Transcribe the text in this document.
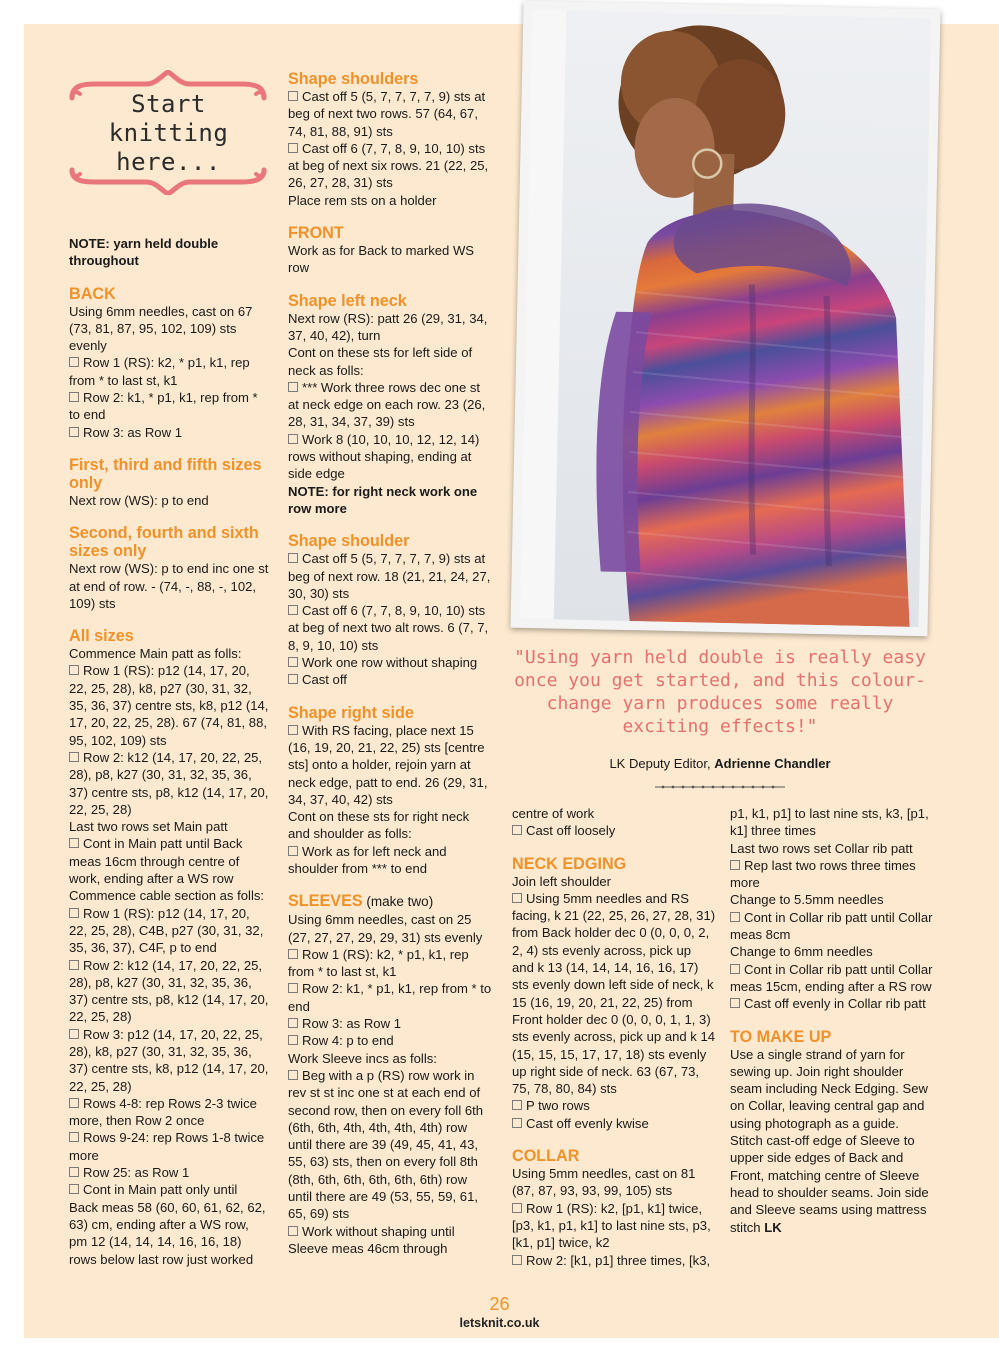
Start
knitting
here...
NOTE: yarn held double throughout
BACK
Using 6mm needles, cast on 67 (73, 81, 87, 95, 102, 109) sts evenly
Row 1 (RS): k2, * p1, k1, rep from * to last st, k1
Row 2: k1, * p1, k1, rep from * to end
Row 3: as Row 1
First, third and fifth sizes only
Next row (WS): p to end
Second, fourth and sixth sizes only
Next row (WS): p to end inc one st at end of row. - (74, -, 88, -, 102, 109) sts
All sizes
Commence Main patt as folls:
Row 1 (RS): p12 (14, 17, 20, 22, 25, 28), k8, p27 (30, 31, 32, 35, 36, 37) centre sts, k8, p12 (14, 17, 20, 22, 25, 28). 67 (74, 81, 88, 95, 102, 109) sts
Row 2: k12 (14, 17, 20, 22, 25, 28), p8, k27 (30, 31, 32, 35, 36, 37) centre sts, p8, k12 (14, 17, 20, 22, 25, 28)
Last two rows set Main patt
Cont in Main patt until Back meas 16cm through centre of work, ending after a WS row
Commence cable section as folls:
Row 1 (RS): p12 (14, 17, 20, 22, 25, 28), C4B, p27 (30, 31, 32, 35, 36, 37), C4F, p to end
Row 2: k12 (14, 17, 20, 22, 25, 28), p8, k27 (30, 31, 32, 35, 36, 37) centre sts, p8, k12 (14, 17, 20, 22, 25, 28)
Row 3: p12 (14, 17, 20, 22, 25, 28), k8, p27 (30, 31, 32, 35, 36, 37) centre sts, k8, p12 (14, 17, 20, 22, 25, 28)
Rows 4-8: rep Rows 2-3 twice more, then Row 2 once
Rows 9-24: rep Rows 1-8 twice more
Row 25: as Row 1
Cont in Main patt only until Back meas 58 (60, 60, 61, 62, 62, 63) cm, ending after a WS row, pm 12 (14, 14, 14, 16, 16, 18) rows below last row just worked
Shape shoulders
Cast off 5 (5, 7, 7, 7, 7, 9) sts at beg of next two rows. 57 (64, 67, 74, 81, 88, 91) sts
Cast off 6 (7, 7, 8, 9, 10, 10) sts at beg of next six rows. 21 (22, 25, 26, 27, 28, 31) sts
Place rem sts on a holder
FRONT
Work as for Back to marked WS row
Shape left neck
Next row (RS): patt 26 (29, 31, 34, 37, 40, 42), turn
Cont on these sts for left side of neck as folls:
*** Work three rows dec one st at neck edge on each row. 23 (26, 28, 31, 34, 37, 39) sts
Work 8 (10, 10, 10, 12, 12, 14) rows without shaping, ending at side edge
NOTE: for right neck work one row more
Shape shoulder
Cast off 5 (5, 7, 7, 7, 7, 9) sts at beg of next row. 18 (21, 21, 24, 27, 30, 30) sts
Cast off 6 (7, 7, 8, 9, 10, 10) sts at beg of next two alt rows. 6 (7, 7, 8, 9, 10, 10) sts
Work one row without shaping
Cast off
Shape right side
With RS facing, place next 15 (16, 19, 20, 21, 22, 25) sts [centre sts] onto a holder, rejoin yarn at neck edge, patt to end. 26 (29, 31, 34, 37, 40, 42) sts
Cont on these sts for right neck and shoulder as folls:
Work as for left neck and shoulder from *** to end
SLEEVES (make two)
Using 6mm needles, cast on 25 (27, 27, 27, 29, 29, 31) sts evenly
Row 1 (RS): k2, * p1, k1, rep from * to last st, k1
Row 2: k1, * p1, k1, rep from * to end
Row 3: as Row 1
Row 4: p to end
Work Sleeve incs as folls:
Beg with a p (RS) row work in rev st st inc one st at each end of second row, then on every foll 6th (6th, 6th, 4th, 4th, 4th, 4th) row until there are 39 (49, 45, 41, 43, 55, 63) sts, then on every foll 8th (8th, 6th, 6th, 6th, 6th, 6th) row until there are 49 (53, 55, 59, 61, 65, 69) sts
Work without shaping until Sleeve meas 46cm through
centre of work
Cast off loosely
NECK EDGING
Join left shoulder
Using 5mm needles and RS facing, k 21 (22, 25, 26, 27, 28, 31) from Back holder dec 0 (0, 0, 0, 2, 2, 4) sts evenly across, pick up and k 13 (14, 14, 14, 16, 16, 17) sts evenly down left side of neck, k 15 (16, 19, 20, 21, 22, 25) from Front holder dec 0 (0, 0, 0, 1, 1, 3) sts evenly across, pick up and k 14 (15, 15, 15, 17, 17, 18) sts evenly up right side of neck. 63 (67, 73, 75, 78, 80, 84) sts
P two rows
Cast off evenly kwise
COLLAR
Using 5mm needles, cast on 81 (87, 87, 93, 93, 99, 105) sts
Row 1 (RS): k2, [p1, k1] twice, [p3, k1, p1, k1] to last nine sts, p3, [k1, p1] twice, k2
Row 2: [k1, p1] three times, [k3,
p1, k1, p1] to last nine sts, k3, [p1, k1] three times
Last two rows set Collar rib patt
Rep last two rows three times more
Change to 5.5mm needles
Cont in Collar rib patt until Collar meas 8cm
Change to 6mm needles
Cont in Collar rib patt until Collar meas 15cm, ending after a RS row
Cast off evenly in Collar rib patt
TO MAKE UP
Use a single strand of yarn for sewing up. Join right shoulder seam including Neck Edging. Sew on Collar, leaving central gap and using photograph as a guide. Stitch cast-off edge of Sleeve to upper side edges of Back and Front, matching centre of Sleeve head to shoulder seams. Join side and Sleeve seams using mattress stitch LK
"Using yarn held double is really easy once you get started, and this colour-change yarn produces some really exciting effects!"
LK Deputy Editor, Adrienne Chandler
26
letsknit.co.uk
